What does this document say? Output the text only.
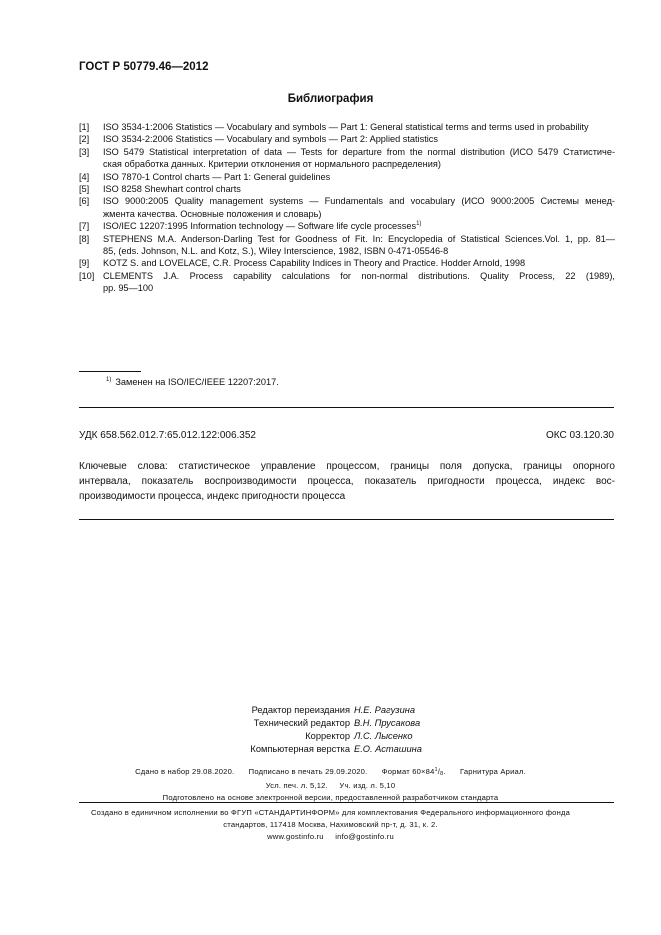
ГОСТ Р 50779.46—2012
Библиография
[1]	ISO 3534-1:2006 Statistics — Vocabulary and symbols — Part 1: General statistical terms and terms used in probability
[2]	ISO 3534-2:2006 Statistics — Vocabulary and symbols — Part 2: Applied statistics
[3]	ISO 5479 Statistical interpretation of data — Tests for departure from the normal distribution (ИСО 5479 Статистиче-
ская обработка данных. Критерии отклонения от нормального распределения)
[4]	ISO 7870-1 Control charts — Part 1: General guidelines
[5]	ISO 8258 Shewhart control charts
[6]	ISO 9000:2005 Quality management systems — Fundamentals and vocabulary (ИСО 9000:2005 Системы менед-
жмента качества. Основные положения и словарь)
[7]	ISO/IEC 12207:1995 Information technology — Software life cycle processes$^{1)}$
[8]	STEPHENS M.A. Anderson-Darling Test for Goodness of Fit. In: Encyclopedia of Statistical Sciences.Vol. 1, pp. 81—
85, (eds. Johnson, N.L. and Kotz, S.), Wiley Interscience, 1982, ISBN 0-471-05546-8
[9]	KOTZ S. and LOVELACE, C.R. Process Capability Indices in Theory and Practice. Hodder Arnold, 1998
[10] CLEMENTS J.A. Process capability calculations for non-normal distributions. Quality Process, 22 (1989),
pp. 95—100
$^{1)}$ Заменен на ISO/IEC/IEEE 12207:2017.
УДК 658.562.012.7:65.012.122:006.352	ОКС 03.120.30
Ключевые слова: статистическое управление процессом, границы поля допуска, границы опорного
интервала, показатель воспроизводимости процесса, показатель пригодности процесса, индекс вос-
производимости процесса, индекс пригодности процесса
Редактор переиздания Н.Е. Рагузина
Технический редактор В.Н. Прусакова
Корректор Л.С. Лысенко
Компьютерная верстка Е.О. Асташина
Сдано в набор 29.08.2020. Подписано в печать 29.09.2020. Формат $60\times 84^1/8$. Гарнитура Ариал.
Усл. печ. л. 5,12.     Уч. изд. л. 5,10
Подготовлено на основе электронной версии, предоставленной разработчиком стандарта
Создано в единичном исполнении во ФГУП «СТАНДАРТИНФОРМ» для комплектования Федерального информационного фонда
стандартов, 117418 Москва, Нахимовский пр-т, д. 31, к. 2.
www.gostinfo.ru     info@gostinfo.ru
